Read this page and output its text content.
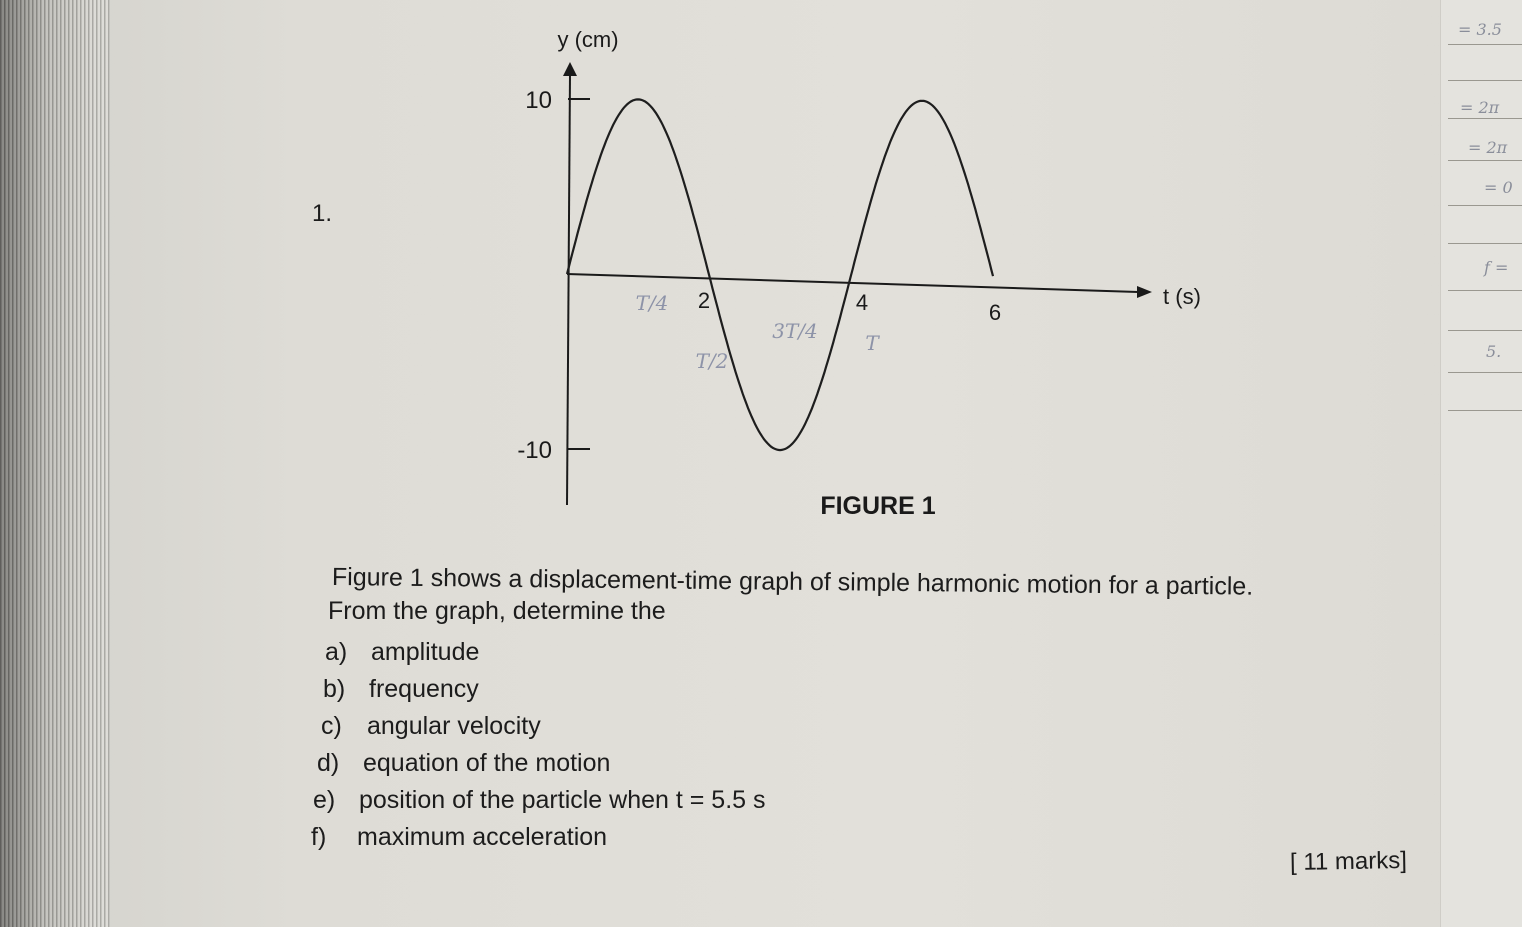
= 3.5
= 2π
= 2π
= 0
f =
5.
1.
10
-10
2	4	6
y (cm)
t (s)
FIGURE 1
T/4
T/2
3T/4 T

Figure 1 shows a displacement-time graph of simple harmonic motion for a particle.

From the graph, determine the

a) amplitude
b) frequency
c) angular velocity
d) equation of the motion
e) position of the particle when t = 5.5 s
f) maximum acceleration
[ 11 marks]
